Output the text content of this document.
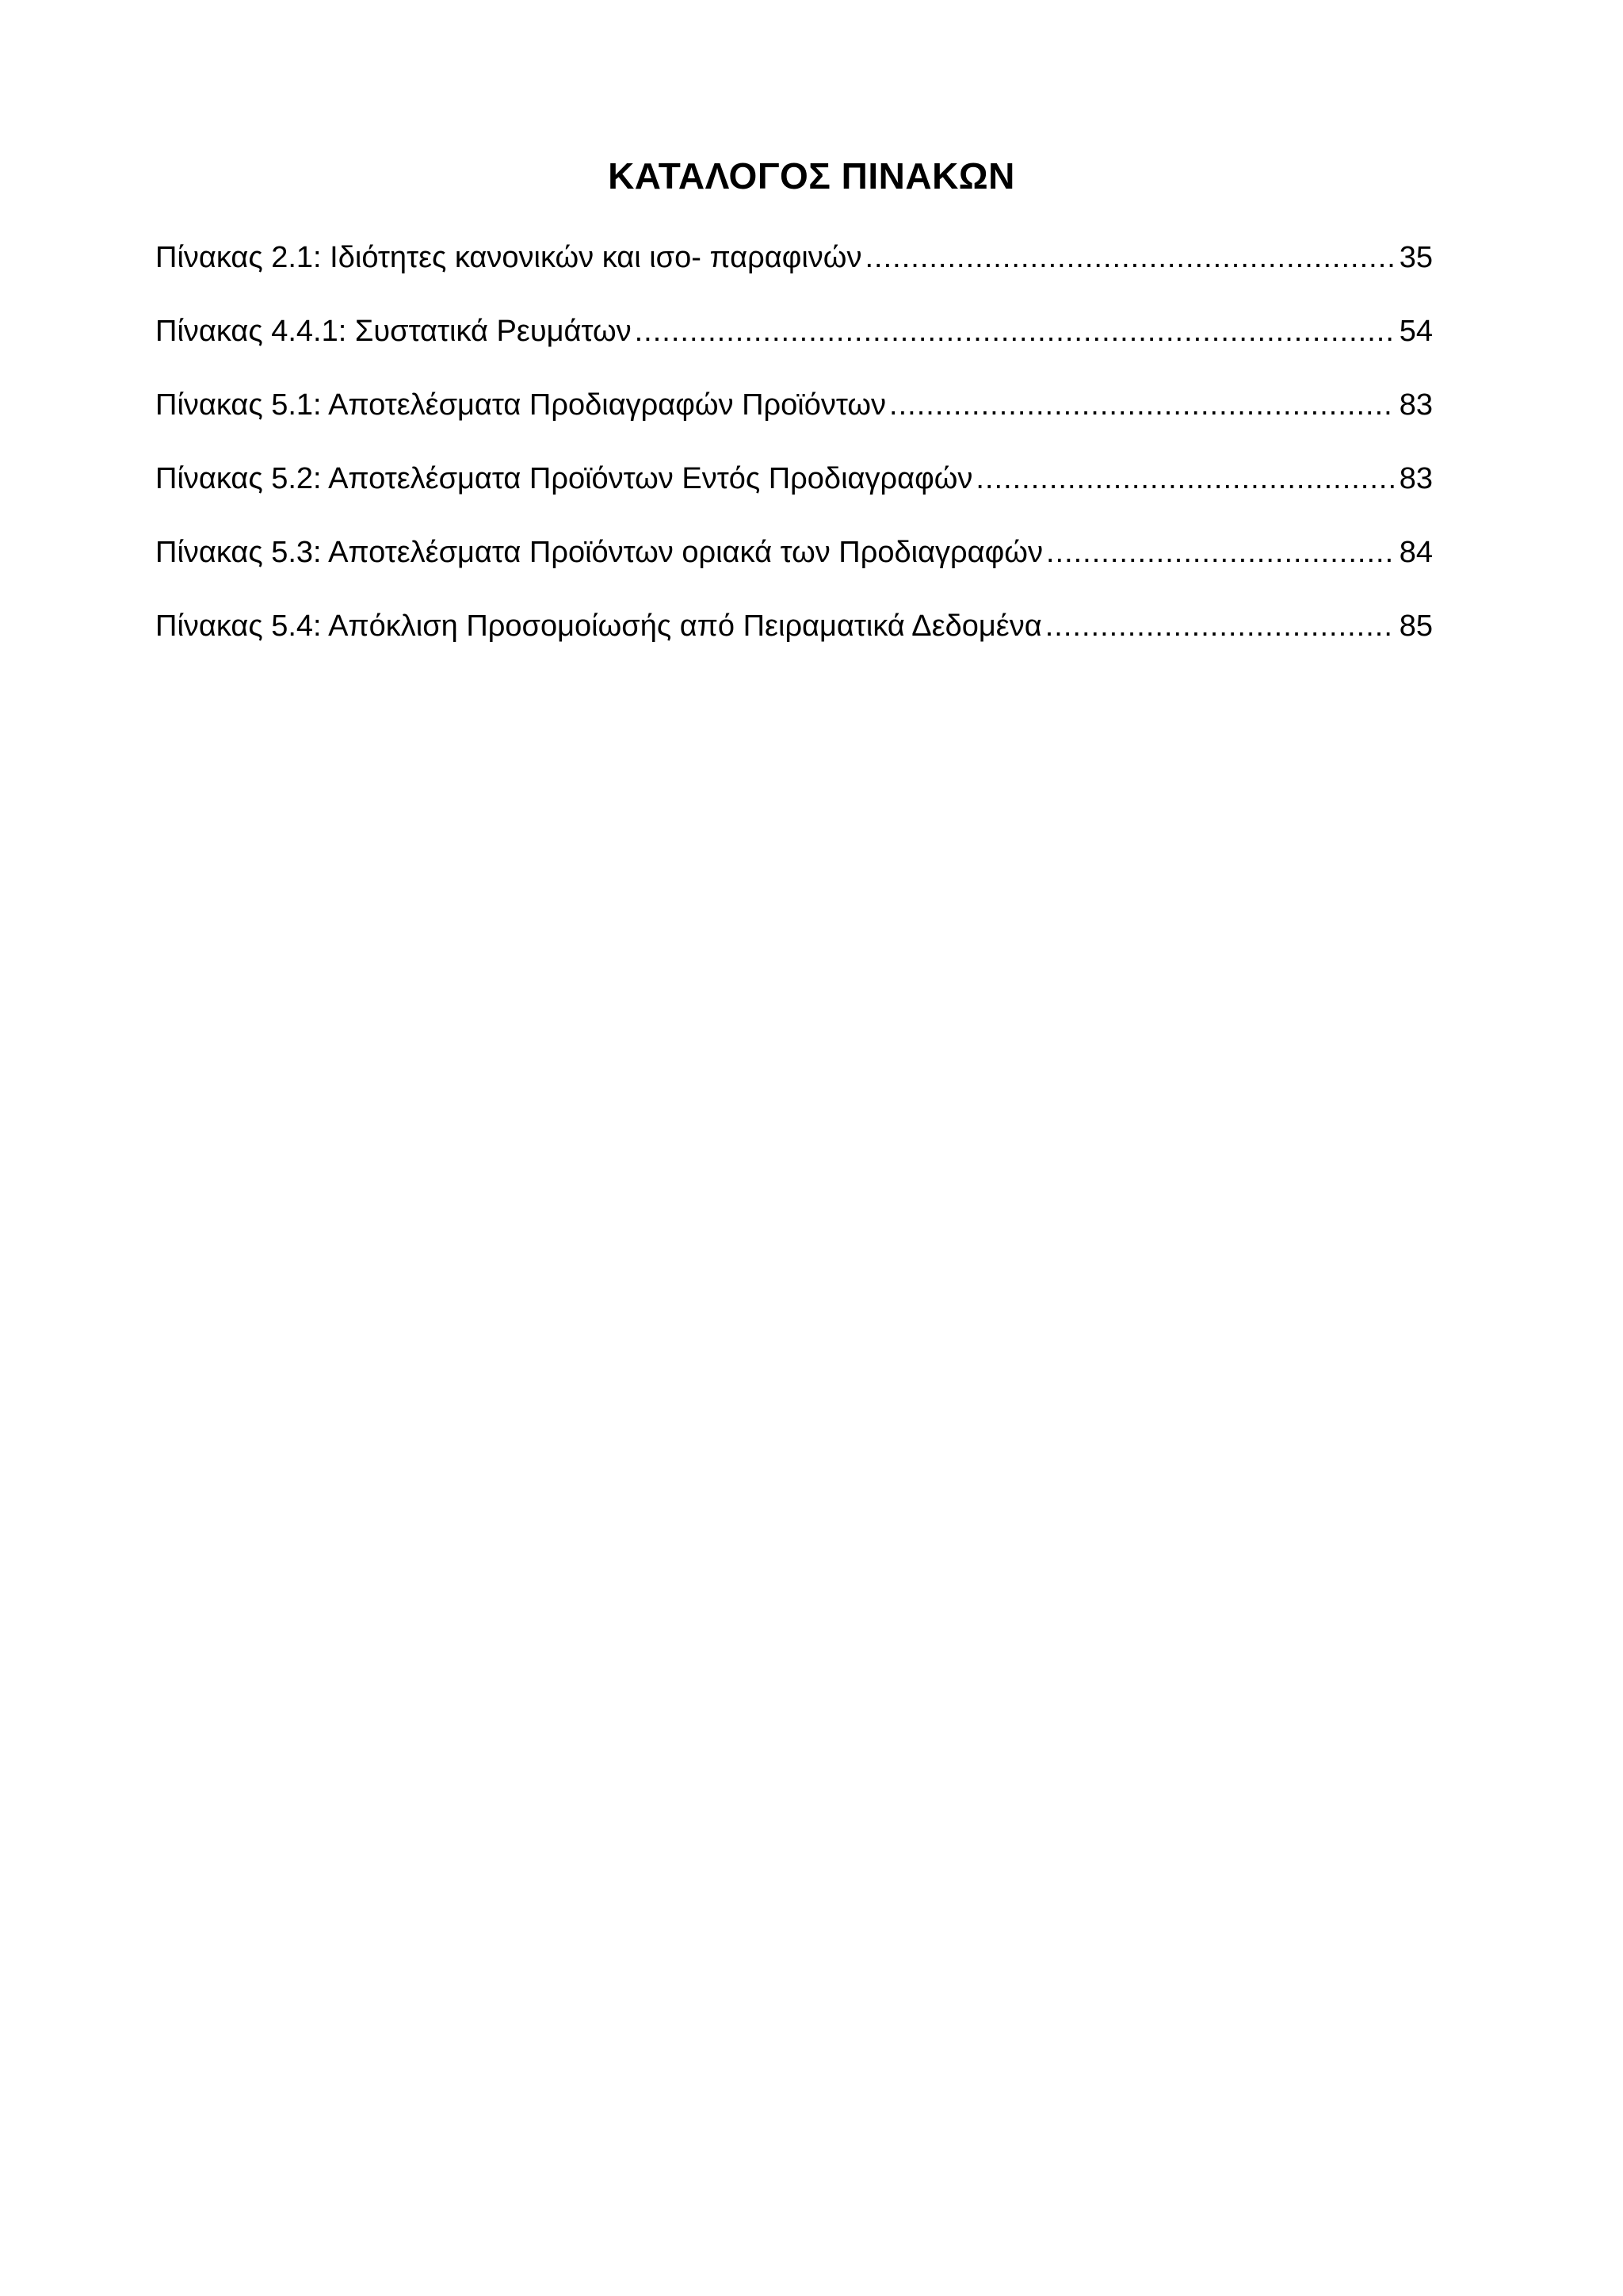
ΚΑΤΑΛΟΓΟΣ ΠΙΝΑΚΩΝ
Πίνακας 2.1: Ιδιότητες κανονικών και ισο- παραφινών .....	35
Πίνακας 4.4.1: Συστατικά Ρευμάτων .....	54
Πίνακας 5.1: Αποτελέσματα Προδιαγραφών Προϊόντων .....	83
Πίνακας 5.2: Αποτελέσματα Προϊόντων Εντός Προδιαγραφών .....	83
Πίνακας 5.3: Αποτελέσματα Προϊόντων οριακά των Προδιαγραφών .....	84
Πίνακας 5.4: Απόκλιση Προσομοίωσής από Πειραματικά Δεδομένα .....	85
